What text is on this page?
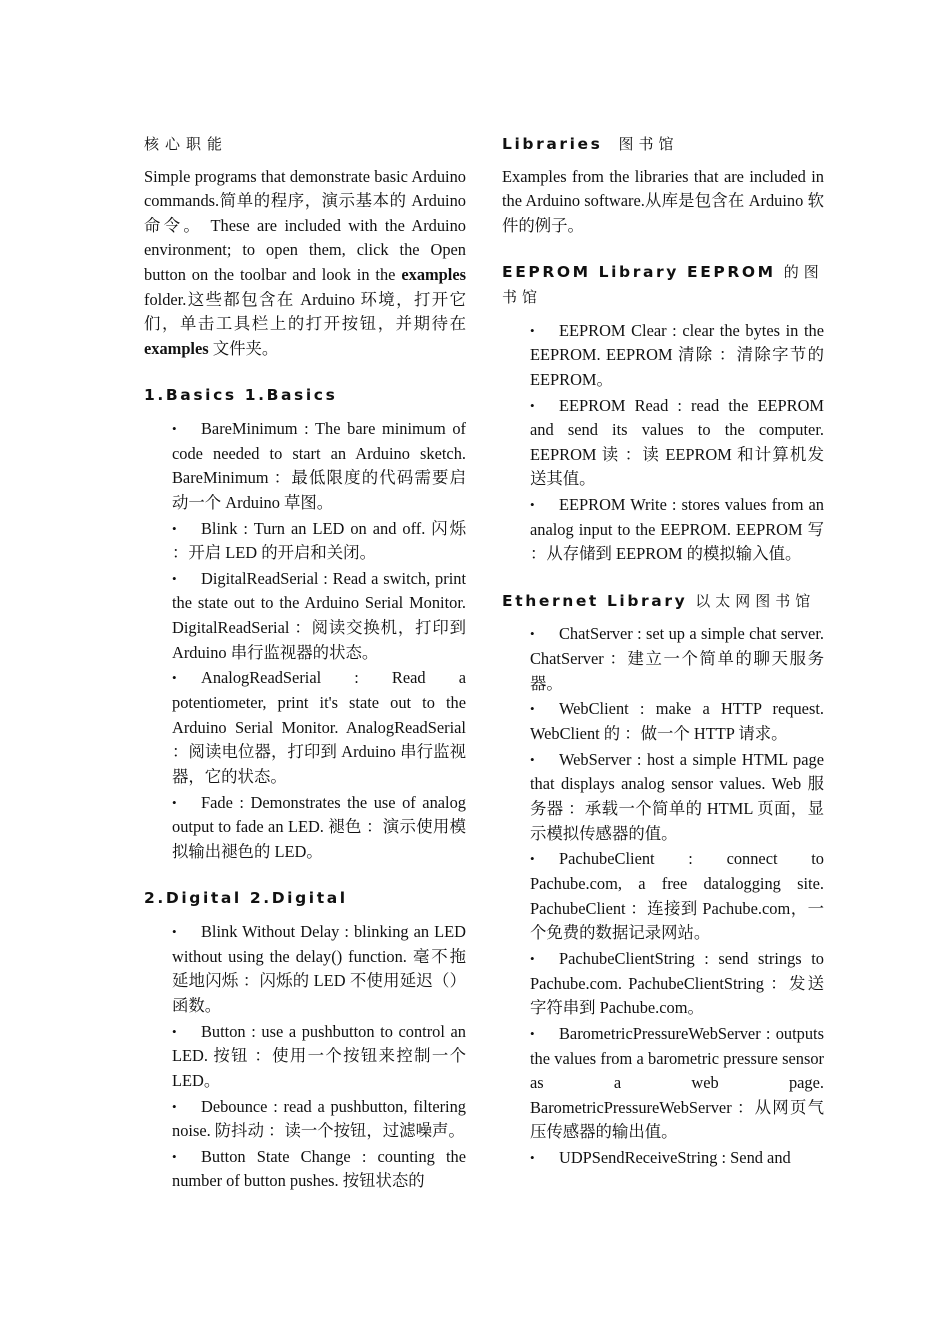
核心职能

Simple programs that demonstrate basic Arduino commands.简单的程序，演示基本的 Arduino 命令。 These are included with the Arduino environment; to open them, click the Open button on the toolbar and look in the examples folder.这些都包含在 Arduino 环境，打开它们，单击工具栏上的打开按钮，并期待在 examples 文件夹。

1.Basics 1.Basics

•	BareMinimum : The bare minimum of code needed to start an Arduino sketch. BareMinimum ：最低限度的代码需要启动一个 Arduino 草图。
•	Blink : Turn an LED on and off. 闪烁 ：开启 LED 的开启和关闭。
•	DigitalReadSerial : Read a switch, print the state out to the Arduino Serial Monitor. DigitalReadSerial ：阅读交换机，打印到 Arduino 串行监视器的状态。
•	AnalogReadSerial : Read a potentiometer, print it's state out to the Arduino Serial Monitor. AnalogReadSerial ：阅读电位器，打印到 Arduino 串行监视器，它的状态。
•	Fade : Demonstrates the use of analog output to fade an LED. 褪色 ：演示使用模拟输出褪色的 LED。

2.Digital 2.Digital

•	Blink Without Delay : blinking an LED without using the delay() function. 毫不拖延地闪烁 ：闪烁的 LED 不使用延迟（）函数。
•	Button : use a pushbutton to control an LED. 按钮 ：使用一个按钮来控制一个 LED。
•	Debounce : read a pushbutton, filtering noise. 防抖动 ：读一个按钮，过滤噪声。
•	Button State Change : counting the number of button pushes. 按钮状态的

Libraries 图书馆

Examples from the libraries that are included in the Arduino software.从库是包含在 Arduino 软件的例子。

EEPROM Library EEPROM 的图书馆

•	EEPROM Clear : clear the bytes in the EEPROM. EEPROM 清除 ：清除字节的 EEPROM。
•	EEPROM Read : read the EEPROM and send its values to the computer. EEPROM 读 ：读 EEPROM 和计算机发送其值。
•	EEPROM Write : stores values from an analog input to the EEPROM. EEPROM 写 ：从存储到 EEPROM 的模拟输入值。

Ethernet Library 以太网图书馆

•	ChatServer : set up a simple chat server. ChatServer ：建立一个简单的聊天服务器。
•	WebClient : make a HTTP request. WebClient 的 ：做一个 HTTP 请求。
•	WebServer : host a simple HTML page that displays analog sensor values. Web 服务器 ：承载一个简单的 HTML 页面，显示模拟传感器的值。
•	PachubeClient : connect to Pachube.com, a free datalogging site. PachubeClient ：连接到 Pachube.com，一个免费的数据记录网站。
•	PachubeClientString : send strings to Pachube.com. PachubeClientString ：发送字符串到 Pachube.com。
•	BarometricPressureWebServer : outputs the values from a barometric pressure sensor as a web page. BarometricPressureWebServer ：从网页气压传感器的输出值。
•	UDPSendReceiveString : Send and
